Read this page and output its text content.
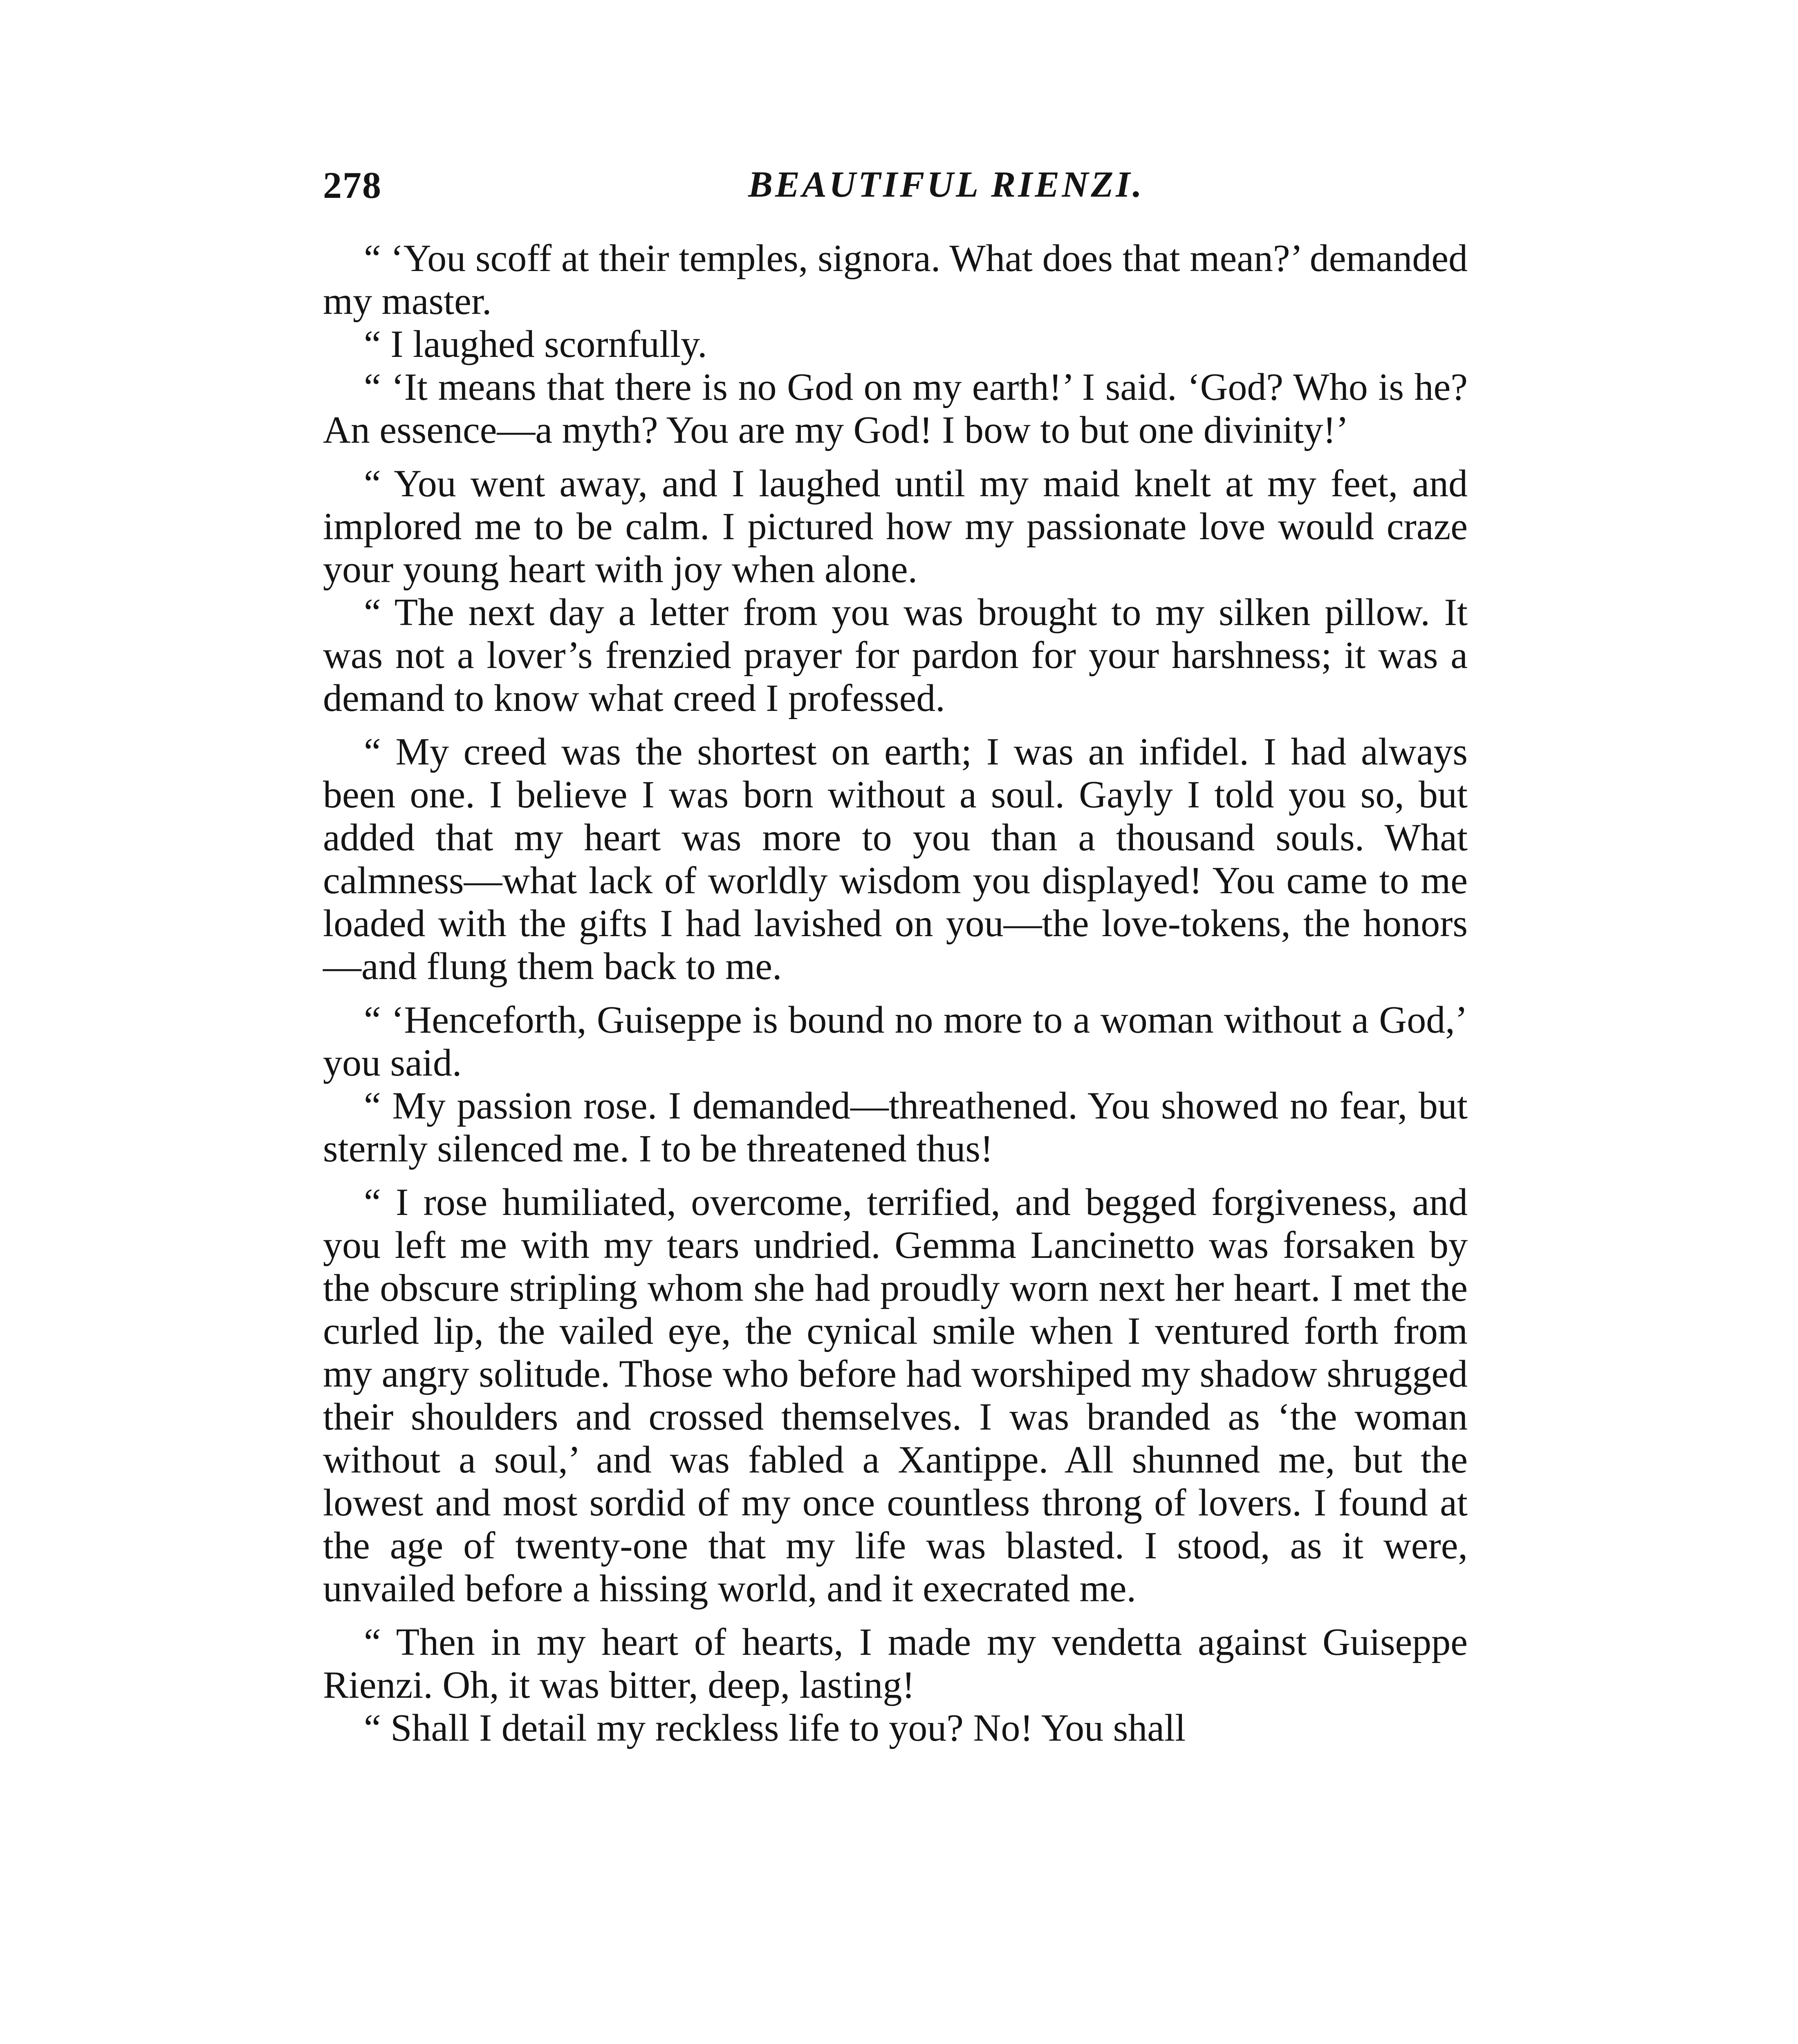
278	BEAUTIFUL RIENZI.

“ ‘You scoff at their temples, signora. What does that mean?’ demanded my master.

“ I laughed scornfully.

“ ‘It means that there is no God on my earth!’ I said. ‘God? Who is he? An essence—a myth? You are my God! I bow to but one divinity!’

“ You went away, and I laughed until my maid knelt at my feet, and implored me to be calm. I pictured how my passionate love would craze your young heart with joy when alone.

“ The next day a letter from you was brought to my silken pillow. It was not a lover’s frenzied prayer for pardon for your harshness; it was a demand to know what creed I professed.

“ My creed was the shortest on earth; I was an infidel. I had always been one. I believe I was born without a soul. Gayly I told you so, but added that my heart was more to you than a thousand souls. What calmness—what lack of worldly wisdom you displayed! You came to me loaded with the gifts I had lavished on you—the love-tokens, the honors—and flung them back to me.

“ ‘Henceforth, Guiseppe is bound no more to a woman without a God,’ you said.

“ My passion rose. I demanded—threathened. You showed no fear, but sternly silenced me. I to be threatened thus!

“ I rose humiliated, overcome, terrified, and begged forgiveness, and you left me with my tears undried. Gemma Lancinetto was forsaken by the obscure stripling whom she had proudly worn next her heart. I met the curled lip, the vailed eye, the cynical smile when I ventured forth from my angry solitude. Those who before had worshiped my shadow shrugged their shoulders and crossed themselves. I was branded as ‘the woman without a soul,’ and was fabled a Xantippe. All shunned me, but the lowest and most sordid of my once countless throng of lovers. I found at the age of twenty-one that my life was blasted. I stood, as it were, unvailed before a hissing world, and it execrated me.

“ Then in my heart of hearts, I made my vendetta against Guiseppe Rienzi. Oh, it was bitter, deep, lasting!

“ Shall I detail my reckless life to you? No! You shall
